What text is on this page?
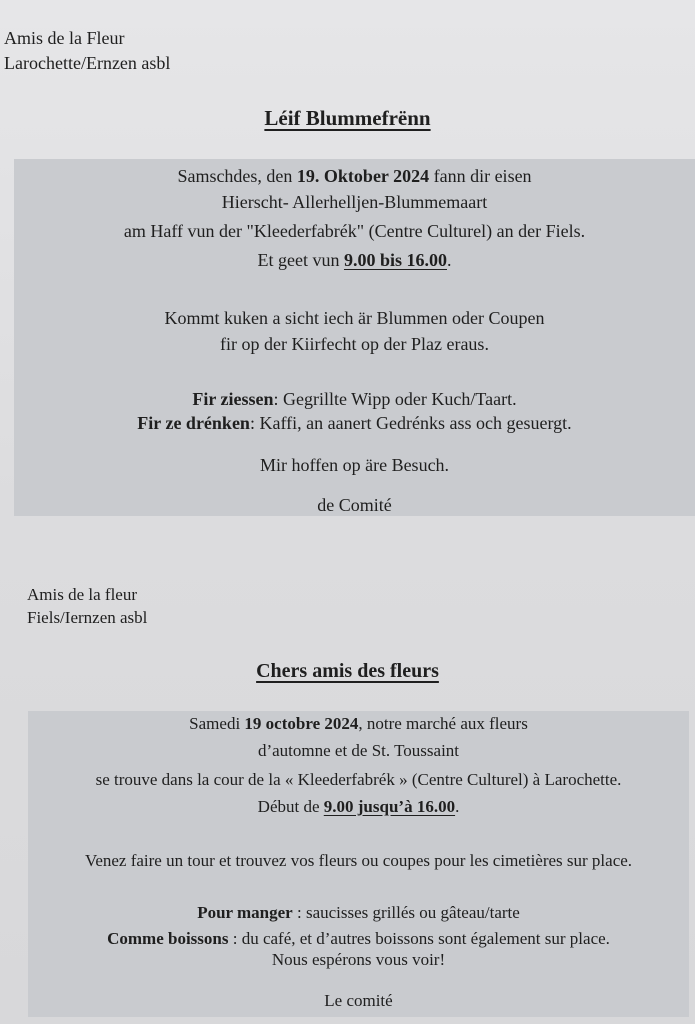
Amis de la Fleur
Larochette/Ernzen asbl
Léif Blummefrënn
Samschdes, den 19. Oktober 2024 fann dir eisen
Hierscht- Allerhelljen-Blummemaart
am Haff vun der "Kleederfabrék" (Centre Culturel) an der Fiels.
Et geet vun 9.00 bis 16.00.
Kommt kuken a sicht iech är Blummen oder Coupen
fir op der Kiirfecht op der Plaz eraus.
Fir ziessen: Gegrillte Wipp oder Kuch/Taart.
Fir ze drénken: Kaffi, an aanert Gedrénks ass och gesuergt.
Mir hoffen op äre Besuch.
de Comité
Amis de la fleur
Fiels/Iernzen asbl
Chers amis des fleurs
Samedi 19 octobre 2024, notre marché aux fleurs
d’automne et de St. Toussaint
se trouve dans la cour de la « Kleederfabrék » (Centre Culturel) à Larochette.
Début de 9.00 jusqu’à 16.00.
Venez faire un tour et trouvez vos fleurs ou coupes pour les cimetières sur place.
Pour manger : saucisses grillés ou gâteau/tarte
Comme boissons : du café, et d’autres boissons sont également sur place.
Nous espérons vous voir!
Le comité
